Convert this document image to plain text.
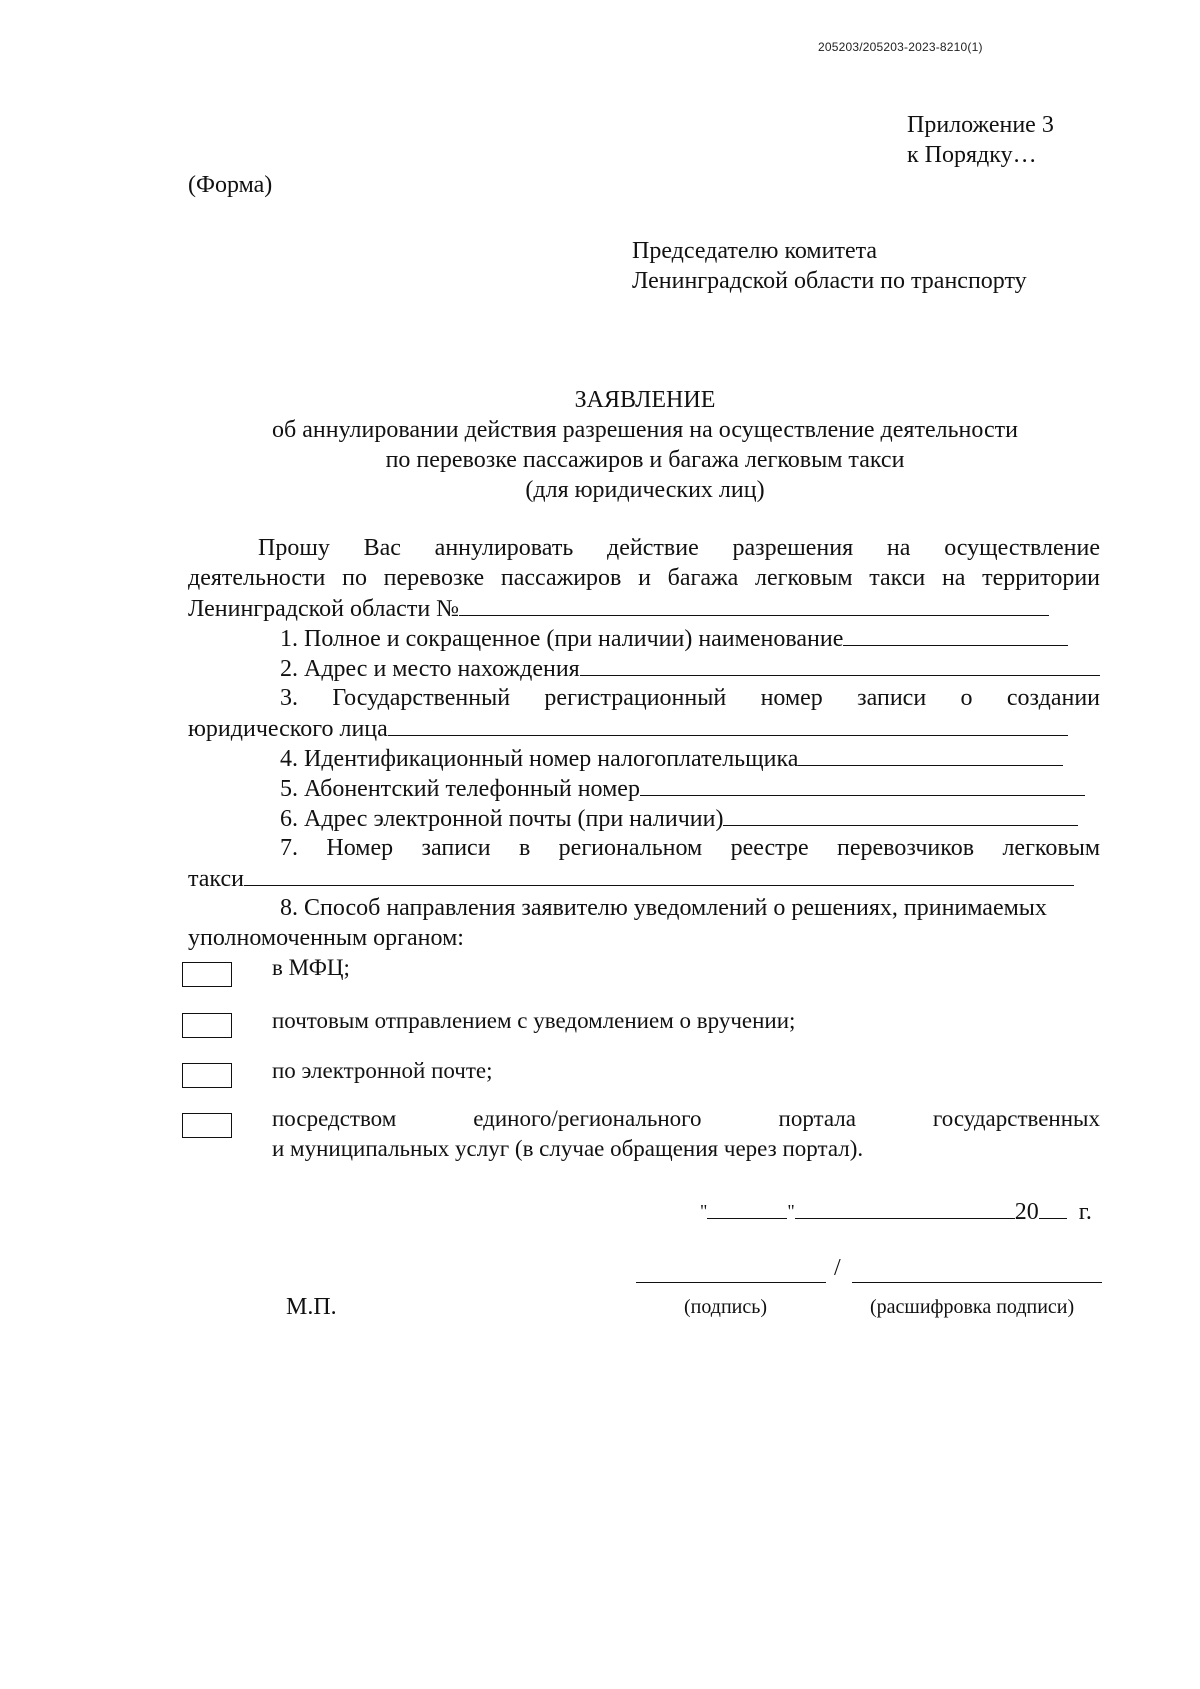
205203/205203-2023-8210(1)
Приложение 3
к Порядку…
(Форма)
Председателю комитета
Ленинградской области по транспорту
ЗАЯВЛЕНИЕ
об аннулировании действия разрешения на осуществление деятельности
по перевозке пассажиров и багажа легковым такси
(для юридических лиц)
Прошу Вас аннулировать действие разрешения на осуществление
деятельности по перевозке пассажиров и багажа легковым такси на территории
Ленинградской области №
1. Полное и сокращенное (при наличии) наименование
2. Адрес и место нахождения
3. Государственный регистрационный номер записи о создании
юридического лица
4. Идентификационный номер налогоплательщика
5. Абонентский телефонный номер
6. Адрес электронной почты (при наличии)
7. Номер записи в региональном реестре перевозчиков легковым
такси
8. Способ направления заявителю уведомлений о решениях, принимаемых
уполномоченным органом:
в МФЦ;
почтовым отправлением с уведомлением о вручении;
по электронной почте;
посредством единого/регионального портала государственных
и муниципальных услуг (в случае обращения через портал).
"	"	20 г.
/
М.П.	(подпись)	(расшифровка подписи)
